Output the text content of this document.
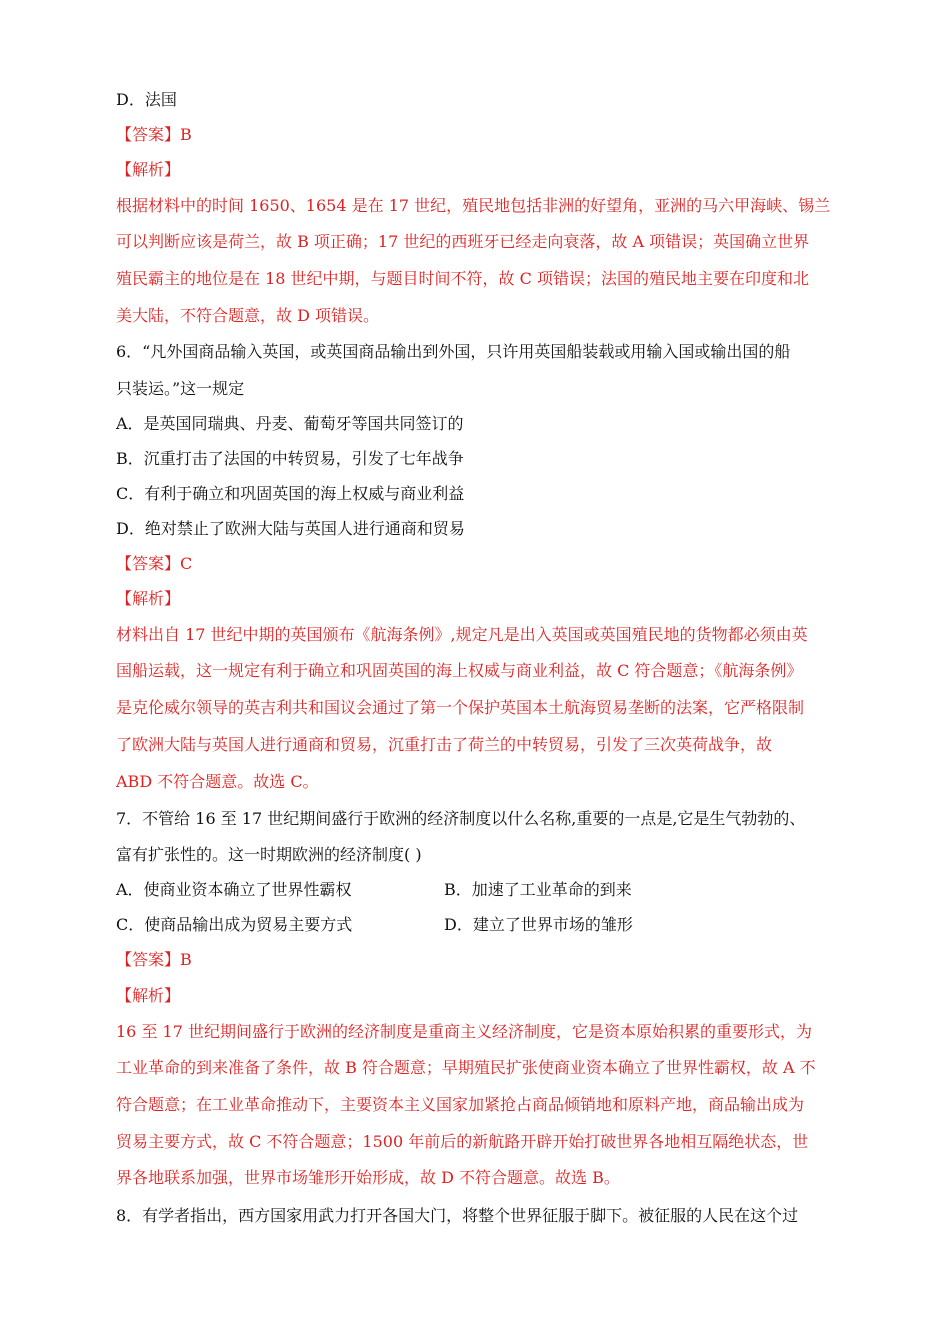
D．法国
【答案】B
【解析】
根据材料中的时间 1650、1654 是在 17 世纪，殖民地包括非洲的好望角，亚洲的马六甲海峡、锡兰
可以判断应该是荷兰，故 B 项正确；17 世纪的西班牙已经走向衰落，故 A 项错误；英国确立世界
殖民霸主的地位是在 18 世纪中期，与题目时间不符，故 C 项错误；法国的殖民地主要在印度和北
美大陆，不符合题意，故 D 项错误。
6．“凡外国商品输入英国，或英国商品输出到外国，只许用英国船装载或用输入国或输出国的船
只装运。”这一规定
A．是英国同瑞典、丹麦、葡萄牙等国共同签订的
B．沉重打击了法国的中转贸易，引发了七年战争
C．有利于确立和巩固英国的海上权威与商业利益
D．绝对禁止了欧洲大陆与英国人进行通商和贸易
【答案】C
【解析】
材料出自 17 世纪中期的英国颁布《航海条例》,规定凡是出入英国或英国殖民地的货物都必须由英
国船运载，这一规定有利于确立和巩固英国的海上权威与商业利益，故 C 符合题意；《航海条例》
是克伦威尔领导的英吉利共和国议会通过了第一个保护英国本土航海贸易垄断的法案，它严格限制
了欧洲大陆与英国人进行通商和贸易，沉重打击了荷兰的中转贸易，引发了三次英荷战争，故
ABD 不符合题意。故选 C。
7．不管给 16 至 17 世纪期间盛行于欧洲的经济制度以什么名称,重要的一点是,它是生气勃勃的、
富有扩张性的。这一时期欧洲的经济制度( )
A．使商业资本确立了世界性霸权	B．加速了工业革命的到来
C．使商品输出成为贸易主要方式	D．建立了世界市场的雏形
【答案】B
【解析】
16 至 17 世纪期间盛行于欧洲的经济制度是重商主义经济制度，它是资本原始积累的重要形式，为
工业革命的到来准备了条件，故 B 符合题意；早期殖民扩张使商业资本确立了世界性霸权，故 A 不
符合题意；在工业革命推动下，主要资本主义国家加紧抢占商品倾销地和原料产地，商品输出成为
贸易主要方式，故 C 不符合题意；1500 年前后的新航路开辟开始打破世界各地相互隔绝状态，世
界各地联系加强，世界市场雏形开始形成，故 D 不符合题意。故选 B。
8．有学者指出，西方国家用武力打开各国大门，将整个世界征服于脚下。被征服的人民在这个过
